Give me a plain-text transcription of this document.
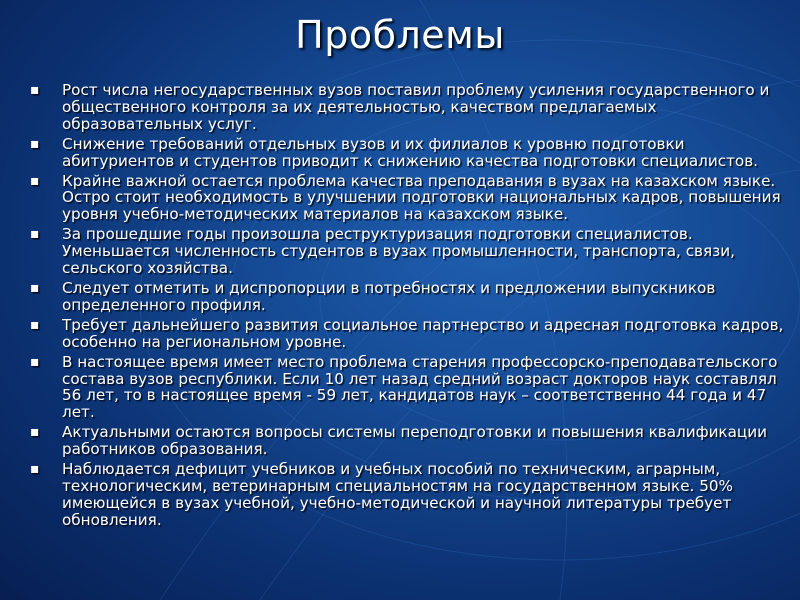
Проблемы
▪ Рост числа негосударственных вузов поставил проблему усиления государственного и общественного контроля за их деятельностью, качеством предлагаемых образовательных услуг.
▪ Снижение требований отдельных вузов и их филиалов к уровню подготовки абитуриентов и студентов приводит к снижению качества подготовки специалистов.
▪ Крайне важной остается проблема качества преподавания в вузах на казахском языке. Остро стоит необходимость в улучшении подготовки национальных кадров, повышения уровня учебно-методических материалов на казахском языке.
▪ За прошедшие годы произошла реструктуризация подготовки специалистов. Уменьшается численность студентов в вузах промышленности, транспорта, связи, сельского хозяйства.
▪ Следует отметить и диспропорции в потребностях и предложении выпускников определенного профиля.
▪ Требует дальнейшего развития социальное партнерство и адресная подготовка кадров, особенно на региональном уровне.
▪ В настоящее время имеет место проблема старения профессорско-преподавательского состава вузов республики. Если 10 лет назад средний возраст докторов наук составлял 56 лет, то в настоящее время - 59 лет, кандидатов наук – соответственно 44 года и 47 лет.
▪ Актуальными остаются вопросы системы переподготовки и повышения квалификации работников образования.
▪ Наблюдается дефицит учебников и учебных пособий по техническим, аграрным, технологическим, ветеринарным специальностям на государственном языке. 50% имеющейся в вузах учебной, учебно-методической и научной литературы требует обновления.
